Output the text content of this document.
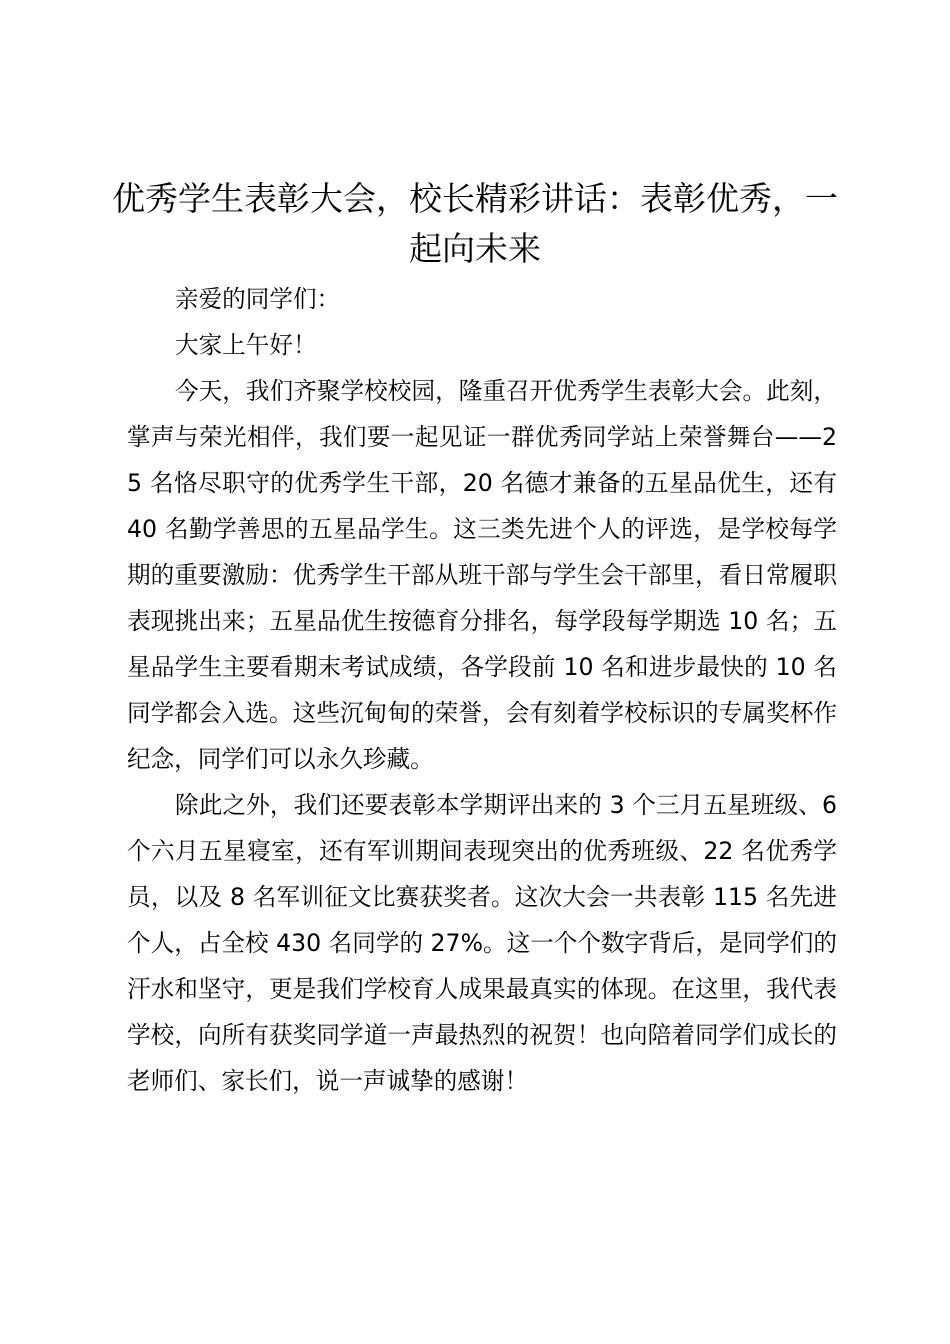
优秀学生表彰大会，校长精彩讲话：表彰优秀，一起向未来

亲爱的同学们：

大家上午好！

今天，我们齐聚学校校园，隆重召开优秀学生表彰大会。此刻，掌声与荣光相伴，我们要一起见证一群优秀同学站上荣誉舞台——25 名恪尽职守的优秀学生干部，20 名德才兼备的五星品优生，还有 40 名勤学善思的五星品学生。这三类先进个人的评选，是学校每学期的重要激励：优秀学生干部从班干部与学生会干部里，看日常履职表现挑出来；五星品优生按德育分排名，每学段每学期选 10 名；五星品学生主要看期末考试成绩，各学段前 10 名和进步最快的 10 名同学都会入选。这些沉甸甸的荣誉，会有刻着学校标识的专属奖杯作纪念，同学们可以永久珍藏。

除此之外，我们还要表彰本学期评出来的 3 个三月五星班级、6 个六月五星寝室，还有军训期间表现突出的优秀班级、22 名优秀学员，以及 8 名军训征文比赛获奖者。这次大会一共表彰 115 名先进个人，占全校 430 名同学的 27%。这一个个数字背后，是同学们的汗水和坚守，更是我们学校育人成果最真实的体现。在这里，我代表学校，向所有获奖同学道一声最热烈的祝贺！也向陪着同学们成长的老师们、家长们，说一声诚挚的感谢！
